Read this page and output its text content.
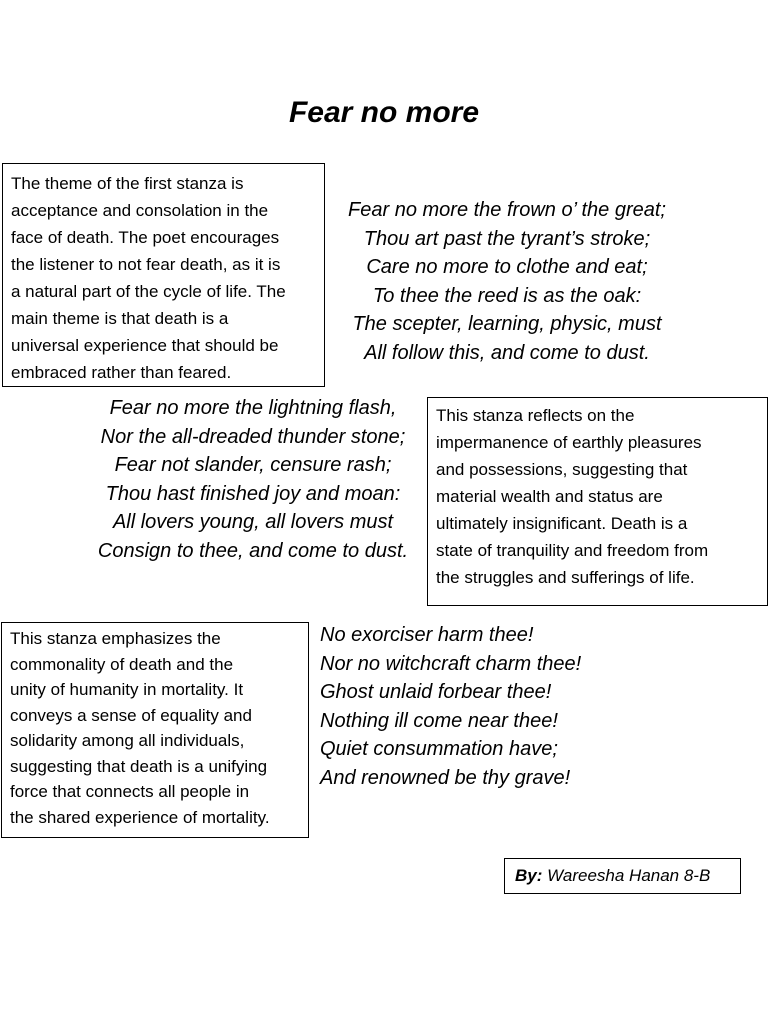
Fear no more

The theme of the first stanza is

acceptance and consolation in the

face of death. The poet encourages

the listener to not fear death, as it is

a natural part of the cycle of life. The

main theme is that death is a

universal experience that should be

embraced rather than feared.

Fear no more the frown o’ the great;
Thou art past the tyrant’s stroke;
Care no more to clothe and eat;
To thee the reed is as the oak:
The scepter, learning, physic, must
All follow this, and come to dust.
Fear no more the lightning flash,
Nor the all-dreaded thunder stone;
Fear not slander, censure rash;
Thou hast finished joy and moan:
All lovers young, all lovers must
Consign to thee, and come to dust.

This stanza reflects on the

impermanence of earthly pleasures

and possessions, suggesting that

material wealth and status are

ultimately insignificant. Death is a

state of tranquility and freedom from

the struggles and sufferings of life.

This stanza emphasizes the

commonality of death and the

unity of humanity in mortality. It

conveys a sense of equality and

solidarity among all individuals,

suggesting that death is a unifying

force that connects all people in

the shared experience of mortality.

No exorciser harm thee!
Nor no witchcraft charm thee!
Ghost unlaid forbear thee!
Nothing ill come near thee!
Quiet consummation have;
And renowned be thy grave!
By: Wareesha Hanan 8-B
